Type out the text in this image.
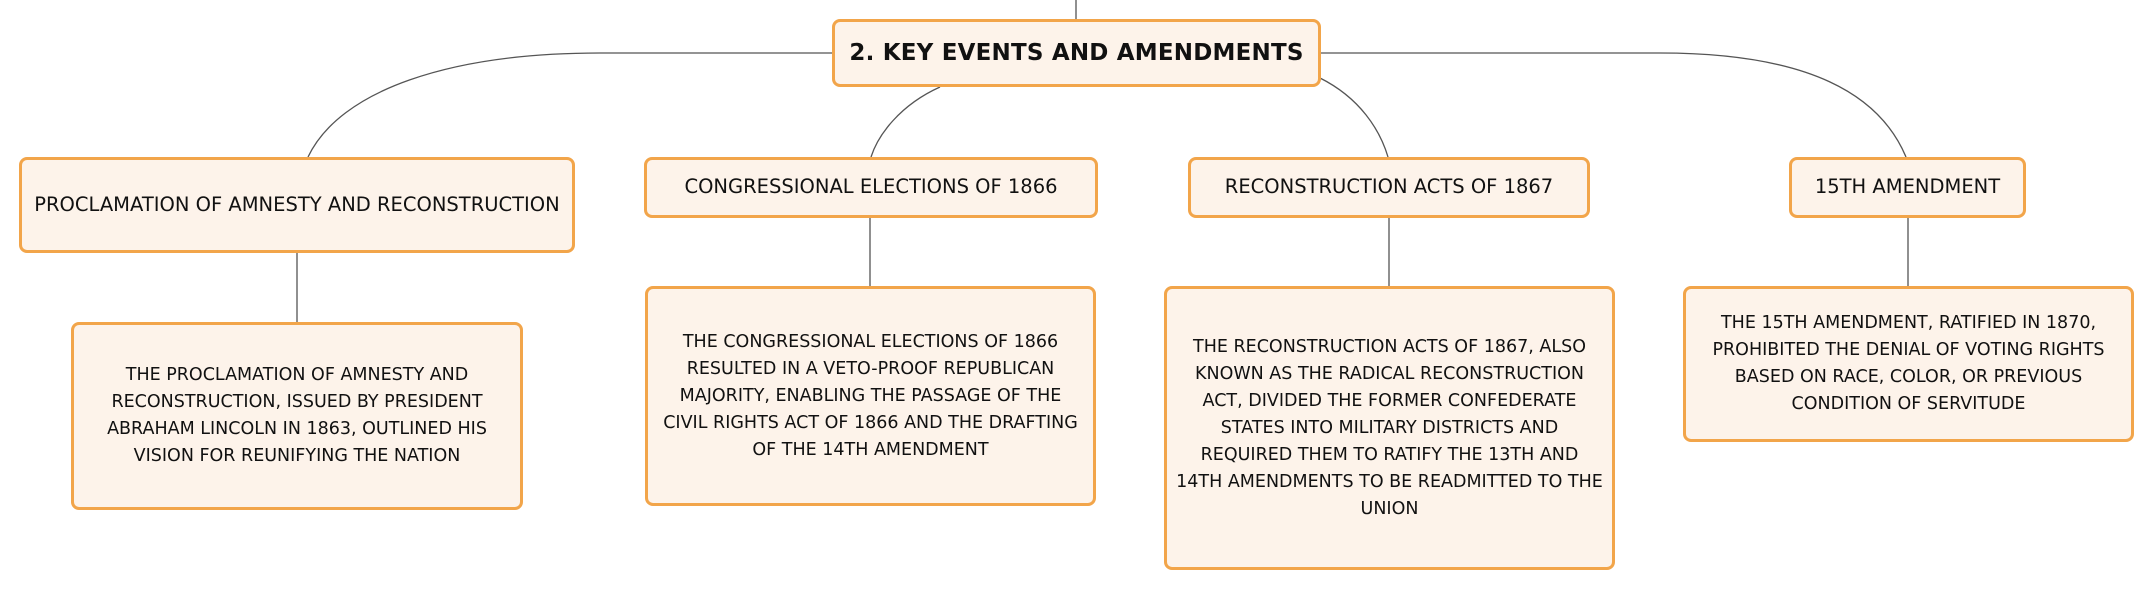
2. KEY EVENTS AND AMENDMENTS
PROCLAMATION OF AMNESTY AND RECONSTRUCTION
CONGRESSIONAL ELECTIONS OF 1866	RECONSTRUCTION ACTS OF 1867	15TH AMENDMENT
THE PROCLAMATION OF AMNESTY AND RECONSTRUCTION, ISSUED BY PRESIDENT ABRAHAM LINCOLN IN 1863, OUTLINED HIS VISION FOR REUNIFYING THE NATION
THE CONGRESSIONAL ELECTIONS OF 1866 RESULTED IN A VETO-PROOF REPUBLICAN MAJORITY, ENABLING THE PASSAGE OF THE CIVIL RIGHTS ACT OF 1866 AND THE DRAFTING OF THE 14TH AMENDMENT
THE RECONSTRUCTION ACTS OF 1867, ALSO KNOWN AS THE RADICAL RECONSTRUCTION ACT, DIVIDED THE FORMER CONFEDERATE STATES INTO MILITARY DISTRICTS AND REQUIRED THEM TO RATIFY THE 13TH AND 14TH AMENDMENTS TO BE READMITTED TO THE UNION
THE 15TH AMENDMENT, RATIFIED IN 1870, PROHIBITED THE DENIAL OF VOTING RIGHTS BASED ON RACE, COLOR, OR PREVIOUS CONDITION OF SERVITUDE
